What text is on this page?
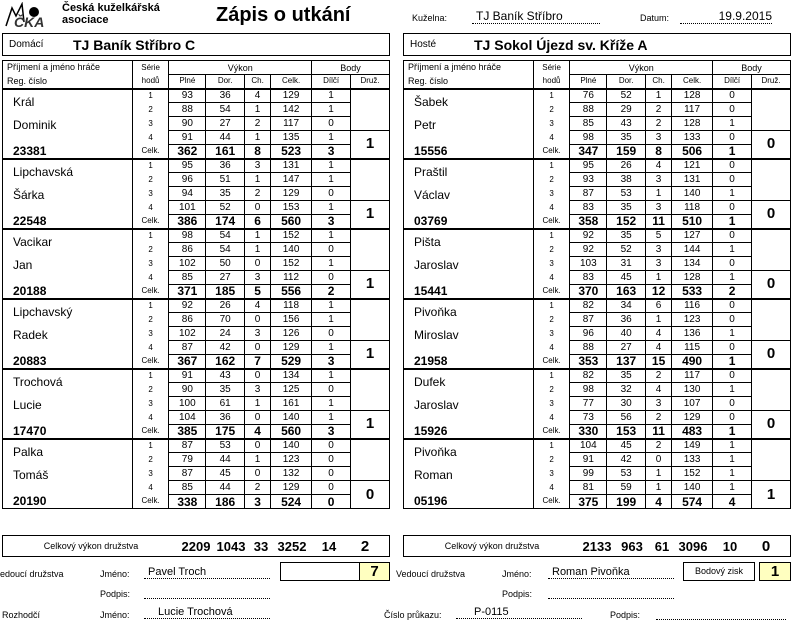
ČKA
Česká kuželkářská
asociace	Zápis o utkání	Kuželna:	TJ Baník Stříbro	Datum:	19.9.2015
Domácí	TJ Baník Stříbro C	Hosté	TJ Sokol Újezd sv. Kříže A
Příjmení a jméno hráče	Série	Výkon				Body	
Reg. číslo	hodů	Plné	Dor.	Ch.	Celk.	Dílčí	Druž.
Král	1	93	36	4	129	1	
	2	88	54	1	142	1	
Dominik	3	90	27	2	117	0	
	4	91	44	1	135	1	1
23381	Celk.	362	161	8	523	3	
Lipchavská	1	95	36	3	131	1	
	2	96	51	1	147	1	
Šárka	3	94	35	2	129	0	
	4	101	52	0	153	1	1
22548	Celk.	386	174	6	560	3	
Vacikar	1	98	54	1	152	1	
	2	86	54	1	140	0	
Jan	3	102	50	0	152	1	
	4	85	27	3	112	0	1
20188	Celk.	371	185	5	556	2	
Lipchavský	1	92	26	4	118	1	
	2	86	70	0	156	1	
Radek	3	102	24	3	126	0	
	4	87	42	0	129	1	1
20883	Celk.	367	162	7	529	3	
Trochová	1	91	43	0	134	1	
	2	90	35	3	125	0	
Lucie	3	100	61	1	161	1	
	4	104	36	0	140	1	1
17470	Celk.	385	175	4	560	3	
Palka	1	87	53	0	140	0	
	2	79	44	1	123	0	
Tomáš	3	87	45	0	132	0	
	4	85	44	2	129	0	0
20190	Celk.	338	186	3	524	0	
Příjmení a jméno hráče	Série	Výkon				Body	
Reg. číslo	hodů	Plné	Dor.	Ch.	Celk.	Dílčí	Druž.
Šabek	1	76	52	1	128	0	
	2	88	29	2	117	0	
Petr	3	85	43	2	128	1	
	4	98	35	3	133	0	0
15556	Celk.	347	159	8	506	1	
Praštil	1	95	26	4	121	0	
	2	93	38	3	131	0	
Václav	3	87	53	1	140	1	
	4	83	35	3	118	0	0
03769	Celk.	358	152	11	510	1	
Pišta	1	92	35	5	127	0	
	2	92	52	3	144	1	
Jaroslav	3	103	31	3	134	0	
	4	83	45	1	128	1	0
15441	Celk.	370	163	12	533	2	
Pivoňka	1	82	34	6	116	0	
	2	87	36	1	123	0	
Miroslav	3	96	40	4	136	1	
	4	88	27	4	115	0	0
21958	Celk.	353	137	15	490	1	
Dufek	1	82	35	2	117	0	
	2	98	32	4	130	1	
Jaroslav	3	77	30	3	107	0	
	4	73	56	2	129	0	0
15926	Celk.	330	153	11	483	1	
Pivoňka	1	104	45	2	149	1	
	2	91	42	0	133	1	
Roman	3	99	53	1	152	1	
	4	81	59	1	140	1	1
05196	Celk.	375	199	4	574	4	
Celkový výkon družstva	2209 1043 33 3252	14	2	Celkový výkon družstva	2133 963 61 3096	10	0
edoucí družstva	Jméno:	Pavel Troch	7	Vedoucí družstva	Jméno:	Roman Pivoňka	Bodový zisk	1
Podpis:	Podpis:
Rozhodčí	Jméno:	Lucie Trochová	Číslo průkazu:	P-0115	Podpis:
